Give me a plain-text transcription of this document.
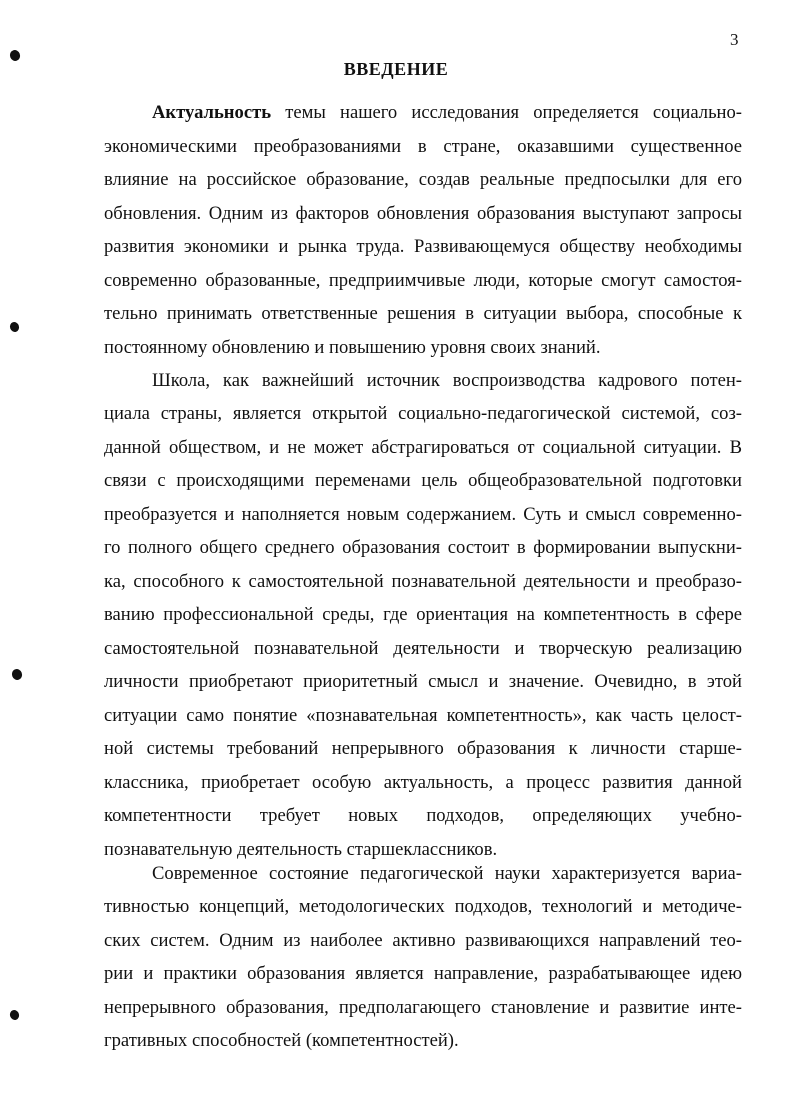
3
ВВЕДЕНИЕ
Актуальность темы нашего исследования определяется социально-
экономическими преобразованиями в стране, оказавшими существенное
влияние на российское образование, создав реальные предпосылки для его
обновления. Одним из факторов обновления образования выступают запросы
развития экономики и рынка труда. Развивающемуся обществу необходимы
современно образованные, предприимчивые люди, которые смогут самостоя-
тельно принимать ответственные решения в ситуации выбора, способные к
постоянному обновлению и повышению уровня своих знаний.
Школа, как важнейший источник воспроизводства кадрового потен-
циала страны, является открытой социально-педагогической системой, соз-
данной обществом, и не может абстрагироваться от социальной ситуации. В
связи с происходящими переменами цель общеобразовательной подготовки
преобразуется и наполняется новым содержанием. Суть и смысл современно-
го полного общего среднего образования состоит в формировании выпускни-
ка, способного к самостоятельной познавательной деятельности и преобразо-
ванию профессиональной среды, где ориентация на компетентность в сфере
самостоятельной познавательной деятельности и творческую реализацию
личности приобретают приоритетный смысл и значение. Очевидно, в этой
ситуации само понятие «познавательная компетентность», как часть целост-
ной системы требований непрерывного образования к личности старше-
классника, приобретает особую актуальность, а процесс развития данной
компетентности требует новых подходов, определяющих учебно-
познавательную деятельность старшеклассников.
Современное состояние педагогической науки характеризуется вариа-
тивностью концепций, методологических подходов, технологий и методиче-
ских систем. Одним из наиболее активно развивающихся направлений тео-
рии и практики образования является направление, разрабатывающее идею
непрерывного образования, предполагающего становление и развитие инте-
гративных способностей (компетентностей).
